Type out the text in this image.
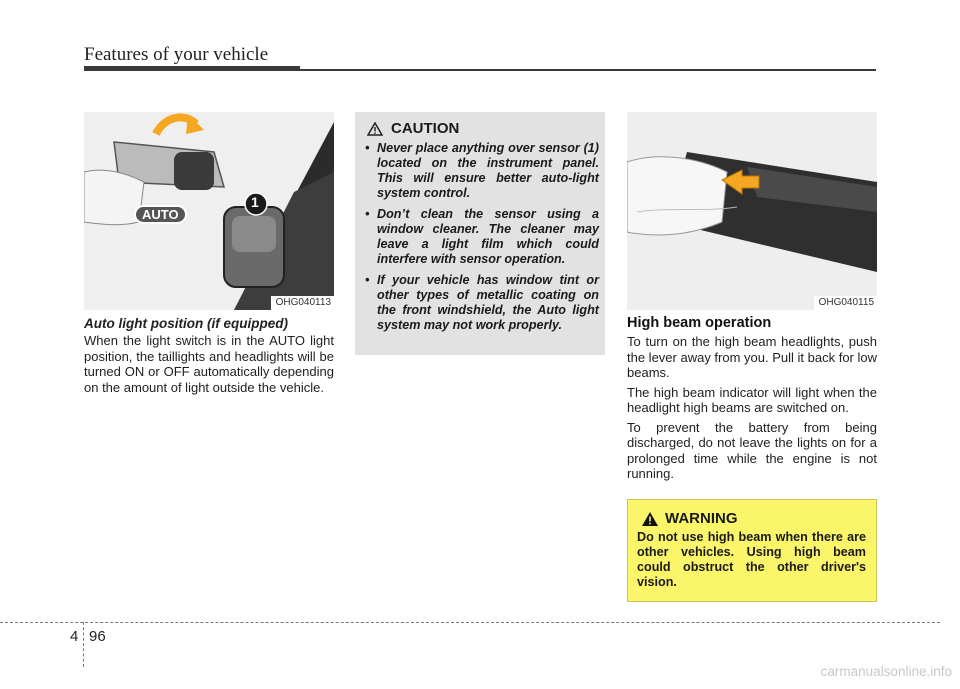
Features of your vehicle
AUTO
1
OHG040113
Auto light position (if equipped)
When the light switch is in the AUTO light position, the taillights and headlights will be turned ON or OFF automatically depending on the amount of light outside the vehicle.
CAUTION
• Never place anything over sensor (1) located on the instrument panel. This will ensure better auto-light system control.
• Don’t clean the sensor using a window cleaner. The cleaner may leave a light film which could interfere with sensor operation.
• If your vehicle has window tint or other types of metallic coating on the front windshield, the Auto light system may not work properly.
OHG040115
High beam operation

To turn on the high beam headlights, push the lever away from you. Pull it back for low beams.

The high beam indicator will light when the headlight high beams are switched on.

To prevent the battery from being discharged, do not leave the lights on for a prolonged time while the engine is not running.

WARNING
Do not use high beam when there are other vehicles. Using high beam could obstruct the other driver's vision.
4 96
carmanualsonline.info
